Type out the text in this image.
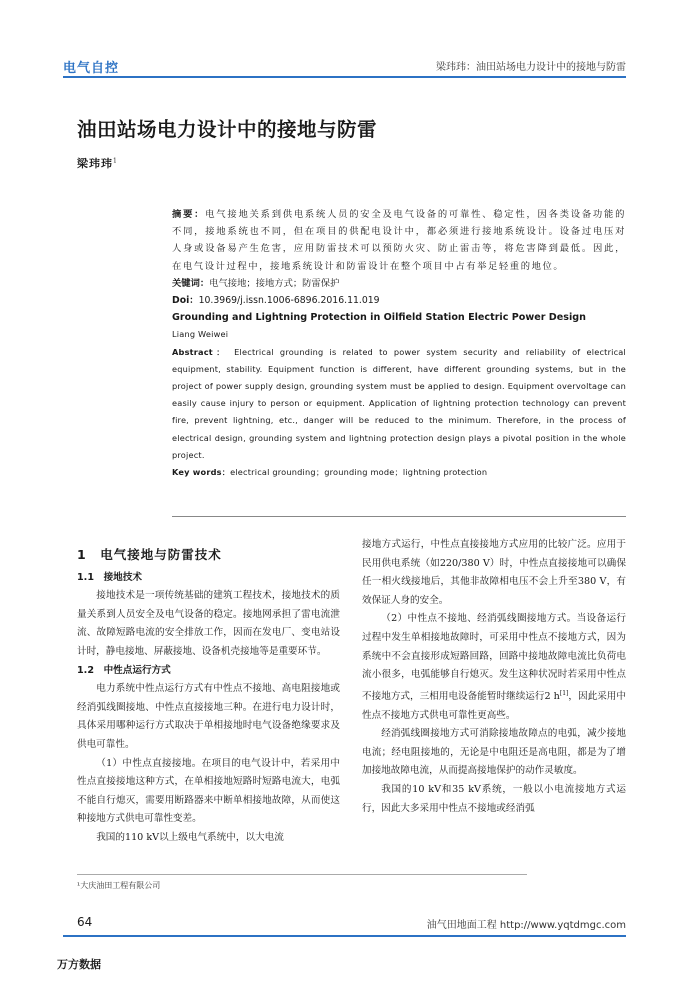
电气自控	梁玮玮：油田站场电力设计中的接地与防雷
油田站场电力设计中的接地与防雷
梁玮玮$^1$

摘要：电气接地关系到供电系统人员的安全及电气设备的可靠性、稳定性，因各类设备功能的不同，接地系统也不同，但在项目的供配电设计中，都必须进行接地系统设计。设备过电压对人身或设备易产生危害，应用防雷技术可以预防火灾、防止雷击等，将危害降到最低。因此，在电气设计过程中，接地系统设计和防雷设计在整个项目中占有举足轻重的地位。

关键词：电气接地；接地方式；防雷保护

Doi：10.3969/j.issn.1006-6896.2016.11.019

Grounding and Lightning Protection in Oilfield Station Electric Power Design

Liang Weiwei

Abstract： Electrical grounding is related to power system security and reliability of electrical equipment, stability. Equipment function is different, have different grounding systems, but in the project of power supply design, grounding system must be applied to design. Equipment overvoltage can easily cause injury to person or equipment. Application of lightning protection technology can prevent fire, prevent lightning, etc., danger will be reduced to the minimum. Therefore, in the process of electrical design, grounding system and lightning protection design plays a pivotal position in the whole project.

Key words：electrical grounding；grounding mode；lightning protection

1　电气接地与防雷技术

1.1　接地技术

接地技术是一项传统基础的建筑工程技术，接地技术的质量关系到人员安全及电气设备的稳定。接地网承担了雷电流泄流、故障短路电流的安全排放工作，因而在发电厂、变电站设计时，静电接地、屏蔽接地、设备机壳接地等是重要环节。

1.2　中性点运行方式

电力系统中性点运行方式有中性点不接地、高电阻接地或经消弧线圈接地、中性点直接接地三种。在进行电力设计时，具体采用哪种运行方式取决于单相接地时电气设备绝缘要求及供电可靠性。

（1）中性点直接接地。在项目的电气设计中，若采用中性点直接接地这种方式，在单相接地短路时短路电流大，电弧不能自行熄灭，需要用断路器来中断单相接地故障，从而使这种接地方式供电可靠性变差。

我国的110 kV以上级电气系统中，以大电流

接地方式运行，中性点直接接地方式应用的比较广泛。应用于民用供电系统（如220/380 V）时，中性点直接接地可以确保任一相火线接地后，其他非故障相电压不会上升至380 V，有效保证人身的安全。

（2）中性点不接地、经消弧线圈接地方式。当设备运行过程中发生单相接地故障时，可采用中性点不接地方式，因为系统中不会直接形成短路回路，回路中接地故障电流比负荷电流小很多，电弧能够自行熄灭。发生这种状况时若采用中性点不接地方式，三相用电设备能暂时继续运行2 h[1]，因此采用中性点不接地方式供电可靠性更高些。

经消弧线圈接地方式可消除接地故障点的电弧，减少接地电流；经电阻接地的，无论是中电阻还是高电阻，都是为了增加接地故障电流，从而提高接地保护的动作灵敏度。

我国的10 kV和35 kV系统，一般以小电流接地方式运行，因此大多采用中性点不接地或经消弧

¹大庆油田工程有限公司
64	油气田地面工程 http://www.yqtdmgc.com
万方数据
